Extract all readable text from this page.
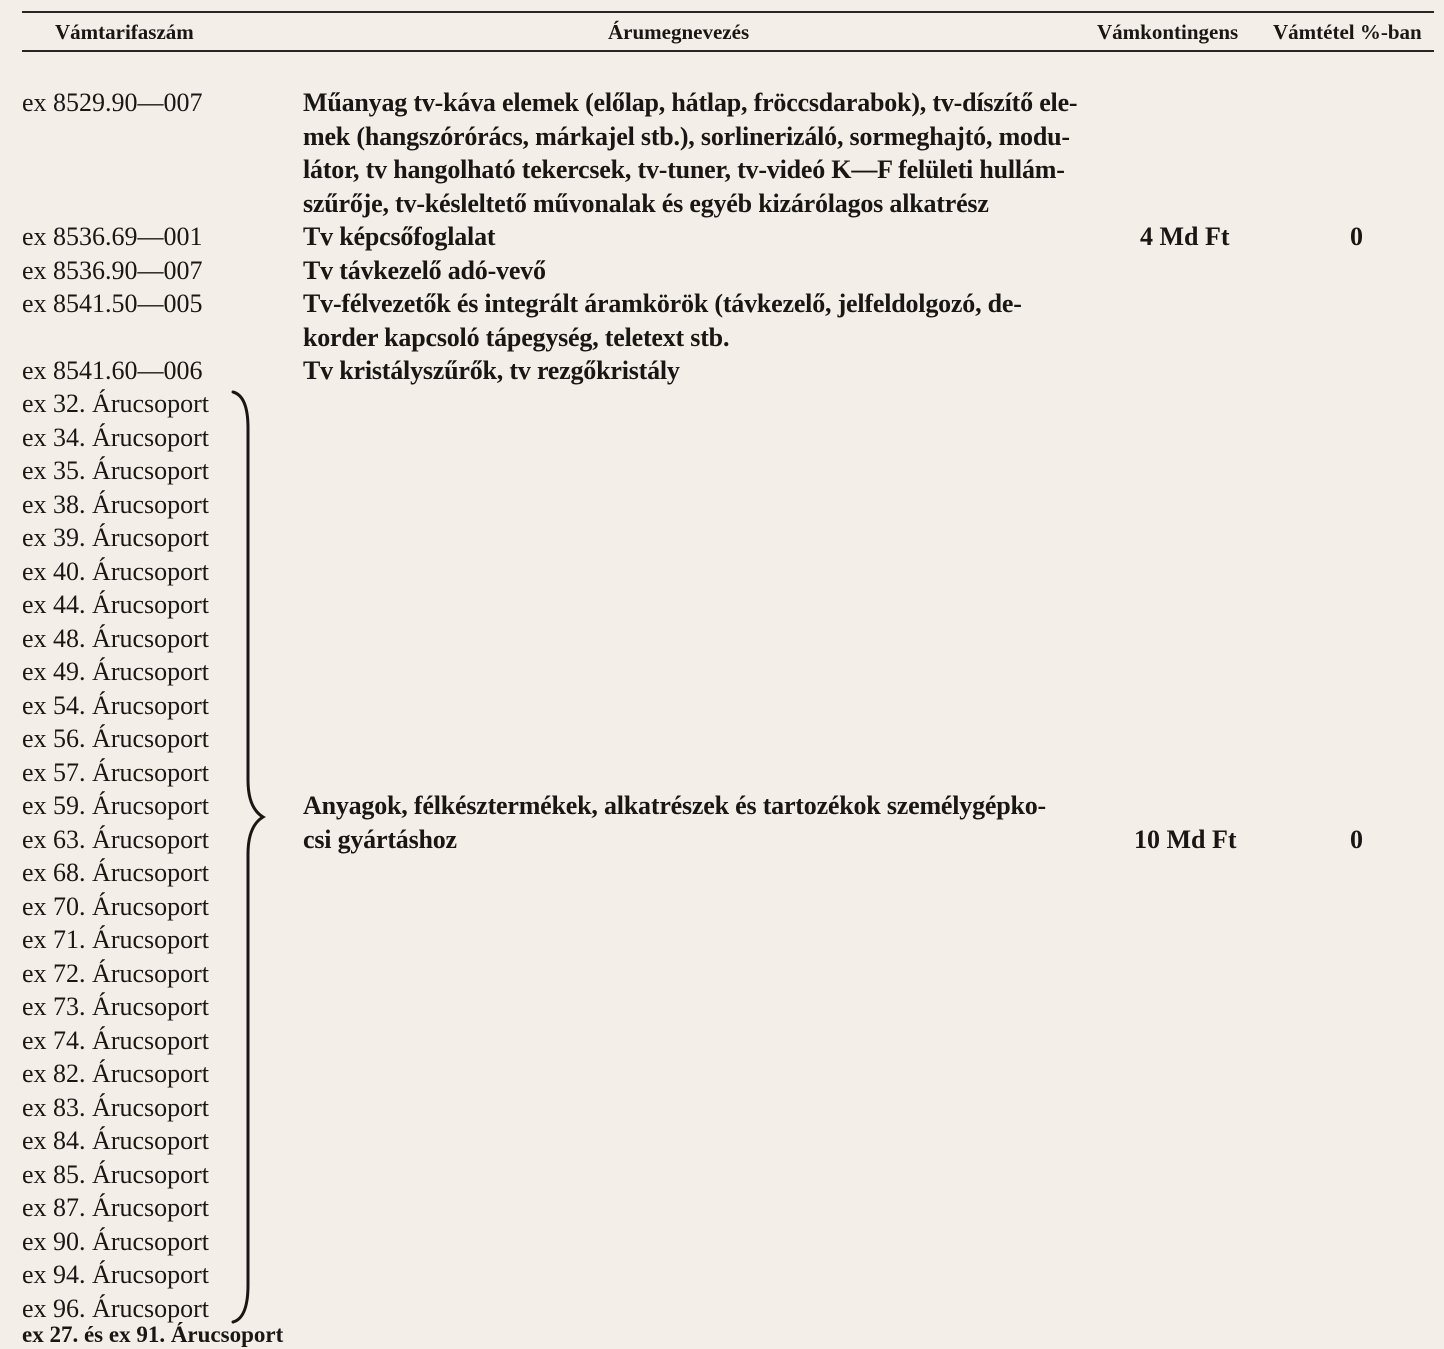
Vámtarifaszám	Árumegnevezés	Vámkontingens Vámtétel %-ban
ex 8529.90—007	Műanyag tv-káva elemek (előlap, hátlap, fröccsdarabok), tv-díszítő ele-
mek (hangszórórács, márkajel stb.), sorlinerizáló, sormeghajtó, modu-
látor, tv hangolható tekercsek, tv-tuner, tv-videó K—F felületi hullám-
szűrője, tv-késleltető művonalak és egyéb kizárólagos alkatrész
ex 8536.69—001	Tv képcsőfoglalat	4 Md Ft	0
ex 8536.90—007	Tv távkezelő adó-vevő
ex 8541.50—005	Tv-félvezetők és integrált áramkörök (távkezelő, jelfeldolgozó, de-
korder kapcsoló tápegység, teletext stb.
ex 8541.60—006	Tv kristályszűrők, tv rezgőkristály
ex 32. Árucsoport
ex 34. Árucsoport
ex 35. Árucsoport
ex 38. Árucsoport
ex 39. Árucsoport
ex 40. Árucsoport
ex 44. Árucsoport
ex 48. Árucsoport
ex 49. Árucsoport
ex 54. Árucsoport
ex 56. Árucsoport
ex 57. Árucsoport
ex 59. Árucsoport
ex 63. Árucsoport
ex 68. Árucsoport
ex 70. Árucsoport
ex 71. Árucsoport
ex 72. Árucsoport
ex 73. Árucsoport
ex 74. Árucsoport
ex 82. Árucsoport
ex 83. Árucsoport
ex 84. Árucsoport
ex 85. Árucsoport
ex 87. Árucsoport
ex 90. Árucsoport
ex 94. Árucsoport
ex 96. Árucsoport
Anyagok, félkésztermékek, alkatrészek és tartozékok személygépko-
csi gyártáshoz	10 Md Ft	0
ex 27. és ex 91. Árucsoport
